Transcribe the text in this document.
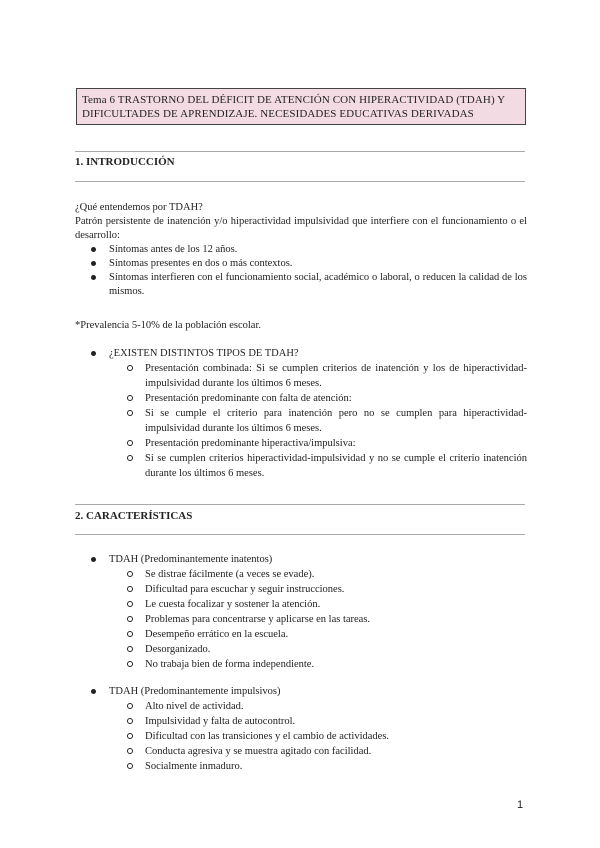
Tema 6 TRASTORNO DEL DÉFICIT DE ATENCIÓN CON HIPERACTIVIDAD (TDAH) Y DIFICULTADES DE APRENDIZAJE. NECESIDADES EDUCATIVAS DERIVADAS
1. INTRODUCCIÓN
¿Qué entendemos por TDAH?
Patrón persistente de inatención y/o hiperactividad impulsividad que interfiere con el funcionamiento o el desarrollo:
Síntomas antes de los 12 años.
Síntomas presentes en dos o más contextos.
Síntomas interfieren con el funcionamiento social, académico o laboral, o reducen la calidad de los mismos.
*Prevalencia 5-10% de la población escolar.
¿EXISTEN DISTINTOS TIPOS DE TDAH?
Presentación combinada: Si se cumplen criterios de inatención y los de hiperactividad-impulsividad durante los últimos 6 meses.
Presentación predominante con falta de atención:
Si se cumple el criterio para inatención pero no se cumplen para hiperactividad-impulsividad durante los últimos 6 meses.
Presentación predominante hiperactiva/impulsiva:
Si se cumplen criterios hiperactividad-impulsividad y no se cumple el criterio inatención durante los últimos 6 meses.
2. CARACTERÍSTICAS
TDAH (Predominantemente inatentos)
Se distrae fácilmente (a veces se evade).
Dificultad para escuchar y seguir instrucciones.
Le cuesta focalizar y sostener la atención.
Problemas para concentrarse y aplicarse en las tareas.
Desempeño errático en la escuela.
Desorganizado.
No trabaja bien de forma independiente.
TDAH (Predominantemente impulsivos)
Alto nivel de actividad.
Impulsividad y falta de autocontrol.
Dificultad con las transiciones y el cambio de actividades.
Conducta agresiva y se muestra agitado con facilidad.
Socialmente inmaduro.
1
